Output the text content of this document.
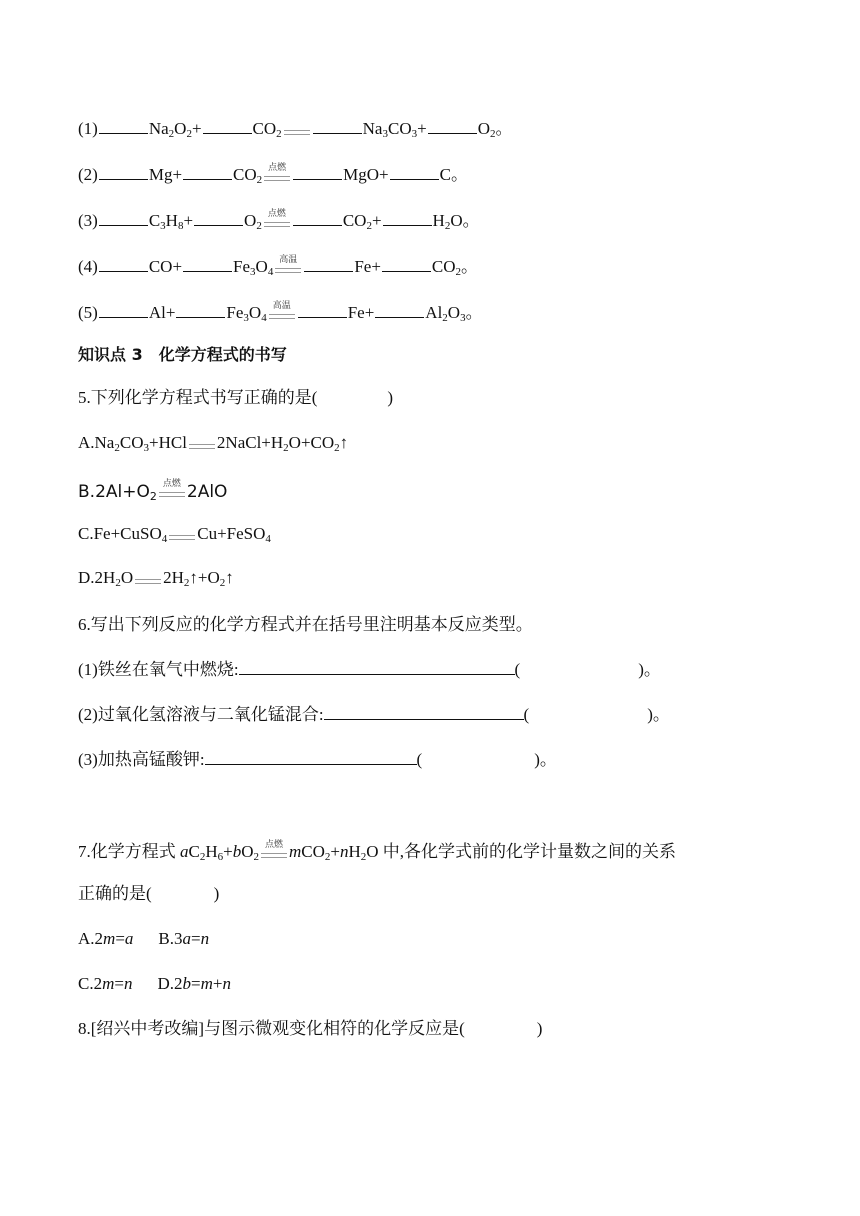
(1)	$Na_2O_2+$	$CO_2$	$Na_3CO_3+$	$O_2$。
(2)	Mg+	$CO_2$
点燃	MgO+	C。
(3)	$C_3H_8+$	$O_2$
点燃	$CO_2+$	$H_2O$。
(4)	CO+	$Fe_3O_4$
高温	Fe+	$CO_2$。
(5)	Al+	$Fe_3O_4$
高温	Fe+	$Al_2O_3$。
知识点 3　化学方程式的书写
5.下列化学方程式书写正确的是(	)
$A.Na_2CO_3+HCl$ $2NaCl+H_2O+CO_2↑$
$B.2Al+O_2$
点燃 2AlO
C.Fe+CuSO$_4$ Cu+FeSO$_4$
$D.2H_2O$ $2H_2↑+O_2↑$
6.写出下列反应的化学方程式并在括号里注明基本反应类型。
(1)铁丝在氧气中燃烧:	(	)。
(2)过氧化氢溶液与二氧化锰混合:	(	)。
(3)加热高锰酸钾:	(	)。
7.化学方程式 $aC_2H_6+bO_2$
点燃 $mCO_2+nH_2O$ 中,各化学式前的化学计量数之间的关系
正确的是(	)
A.2m=a B.3a=n
C.2m=n D.2b=m+n
8.[绍兴中考改编]与图示微观变化相符的化学反应是(	)
